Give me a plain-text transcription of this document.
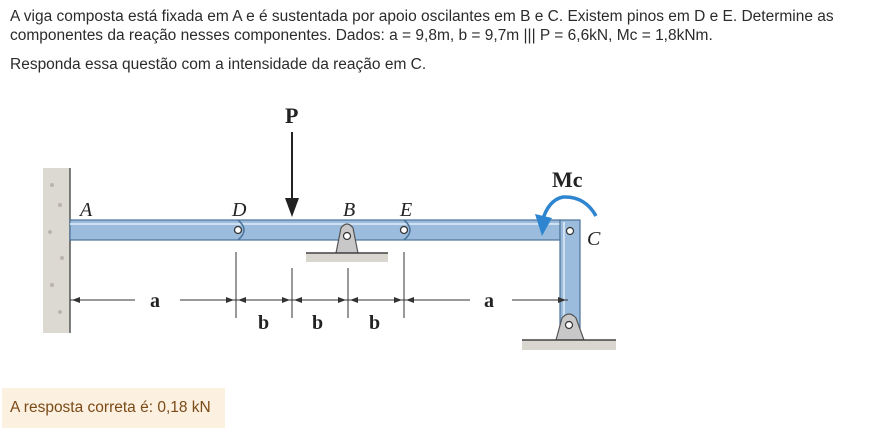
A viga composta está fixada em A e é sustentada por apoio oscilantes em B e C. Existem pinos em D e E. Determine as

componentes da reação nesses componentes. Dados: a = 9,8m, b = 9,7m ||| P = 6,6kN, Mc = 1,8kNm.

Responda essa questão com a intensidade da reação em C.
P
Mc
A	D	B E
C
a
b b b
a
A resposta correta é: 0,18 kN
